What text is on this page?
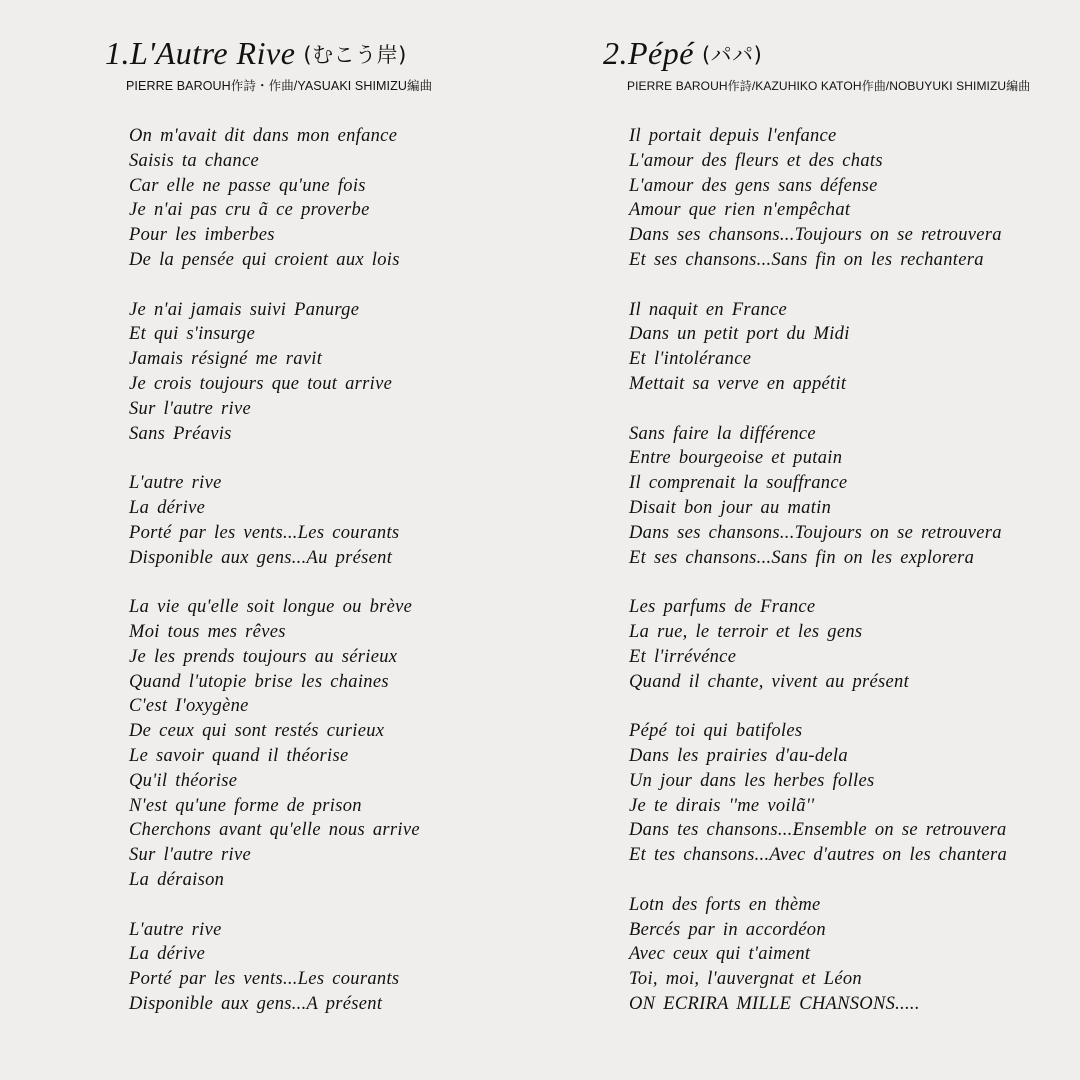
1.L'Autre Rive (むこう岸)
PIERRE BAROUH作詩・作曲/YASUAKI SHIMIZU編曲
On m'avait dit dans mon enfance
Saisis ta chance
Car elle ne passe qu'une fois
Je n'ai pas cru ã ce proverbe
Pour les imberbes
De la pensée qui croient aux lois
Je n'ai jamais suivi Panurge
Et qui s'insurge
Jamais résigné me ravit
Je crois toujours que tout arrive
Sur l'autre rive
Sans Préavis
L'autre rive
La dérive
Porté par les vents...Les courants
Disponible aux gens...Au présent
La vie qu'elle soit longue ou brève
Moi tous mes rêves
Je les prends toujours au sérieux
Quand l'utopie brise les chaines
C'est I'oxygène
De ceux qui sont restés curieux
Le savoir quand il théorise
Qu'il théorise
N'est qu'une forme de prison
Cherchons avant qu'elle nous arrive
Sur l'autre rive
La déraison
L'autre rive
La dérive
Porté par les vents...Les courants
Disponible aux gens...A présent
2.Pépé (パパ)
PIERRE BAROUH作詩/KAZUHIKO KATOH作曲/NOBUYUKI SHIMIZU編曲
Il portait depuis l'enfance
L'amour des fleurs et des chats
L'amour des gens sans défense
Amour que rien n'empêchat
Dans ses chansons...Toujours on se retrouvera
Et ses chansons...Sans fin on les rechantera
Il naquit en France
Dans un petit port du Midi
Et l'intolérance
Mettait sa verve en appétit
Sans faire la différence
Entre bourgeoise et putain
Il comprenait la souffrance
Disait bon jour au matin
Dans ses chansons...Toujours on se retrouvera
Et ses chansons...Sans fin on les explorera
Les parfums de France
La rue, le terroir et les gens
Et l'irrévénce
Quand il chante, vivent au présent
Pépé toi qui batifoles
Dans les prairies d'au-dela
Un jour dans les herbes folles
Je te dirais ''me voilã''
Dans tes chansons...Ensemble on se retrouvera
Et tes chansons...Avec d'autres on les chantera
Lotn des forts en thème
Bercés par in accordéon
Avec ceux qui t'aiment
Toi, moi, l'auvergnat et Léon
ON ECRIRA MILLE CHANSONS.....
